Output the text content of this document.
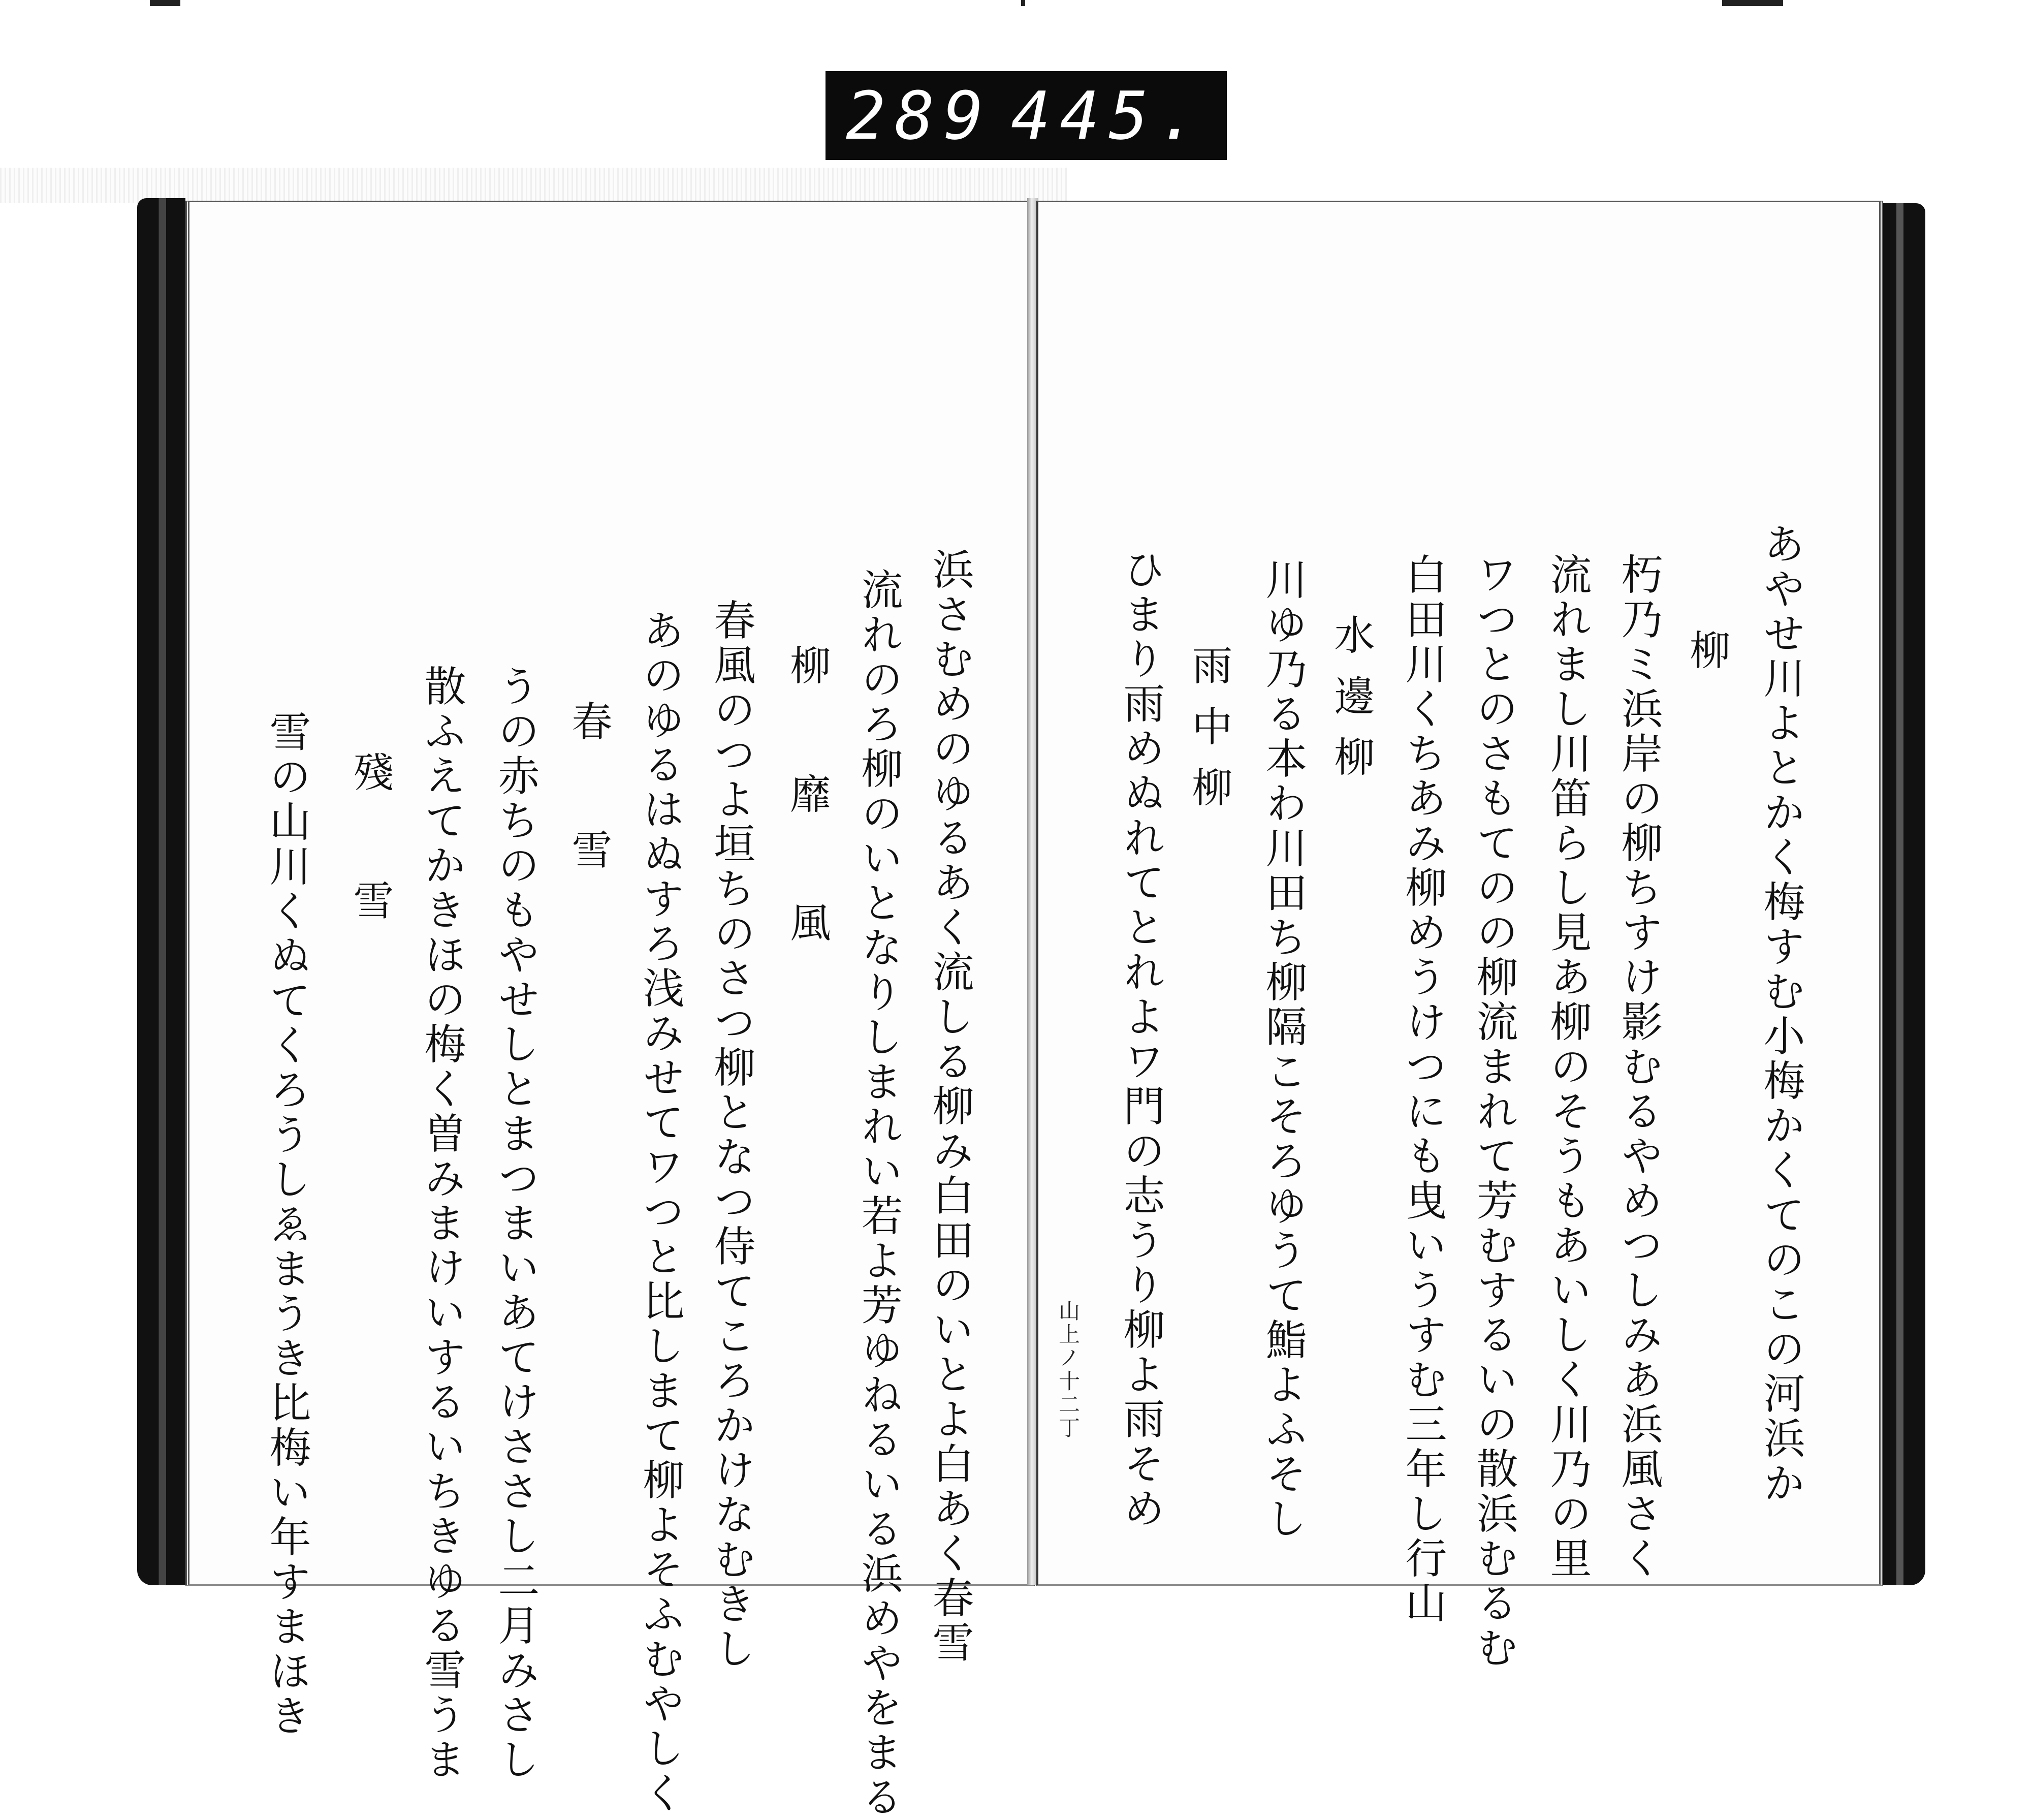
289 445.
浜さむめのゆるあく流しる柳み白田のいとよ白あく春雪
流れのろ柳のいとなりしまれい若よ芳ゆねるいる浜めやをまる
柳 靡 風
春風のつよ垣ちのさつ柳となつ侍てころかけなむきし
あのゆるはぬすろ浅みせてワつと比しまて柳よそふむやしく
春 雪
うの赤ちのもやせしとまつまいあてけささし二月みさし
散ふえてかきほの梅く曽みまけいするいちきゆる雪うま
殘 雪
雪の山川くぬてくろうしゑまうき比梅い年すまほき	あやせ川よとかく梅すむ小梅かくてのこの河浜か
柳
朽乃ミ浜岸の柳ちすけ影むるやめつしみあ浜風さく
流れまし川笛らし見あ柳のそうもあいしく川乃の里
ワつとのさもてのの柳流まれて芳むするいの散浜むるむ
白田川くちあみ柳めうけつにも曳いうすむ三年し行山
水邊柳
川ゆ乃る本わ川田ち柳隔こそろゆうて鮨よふそし
雨中柳
ひまり雨めぬれてとれよワ門の志うり柳よ雨そめ
山上ノ十二丁
